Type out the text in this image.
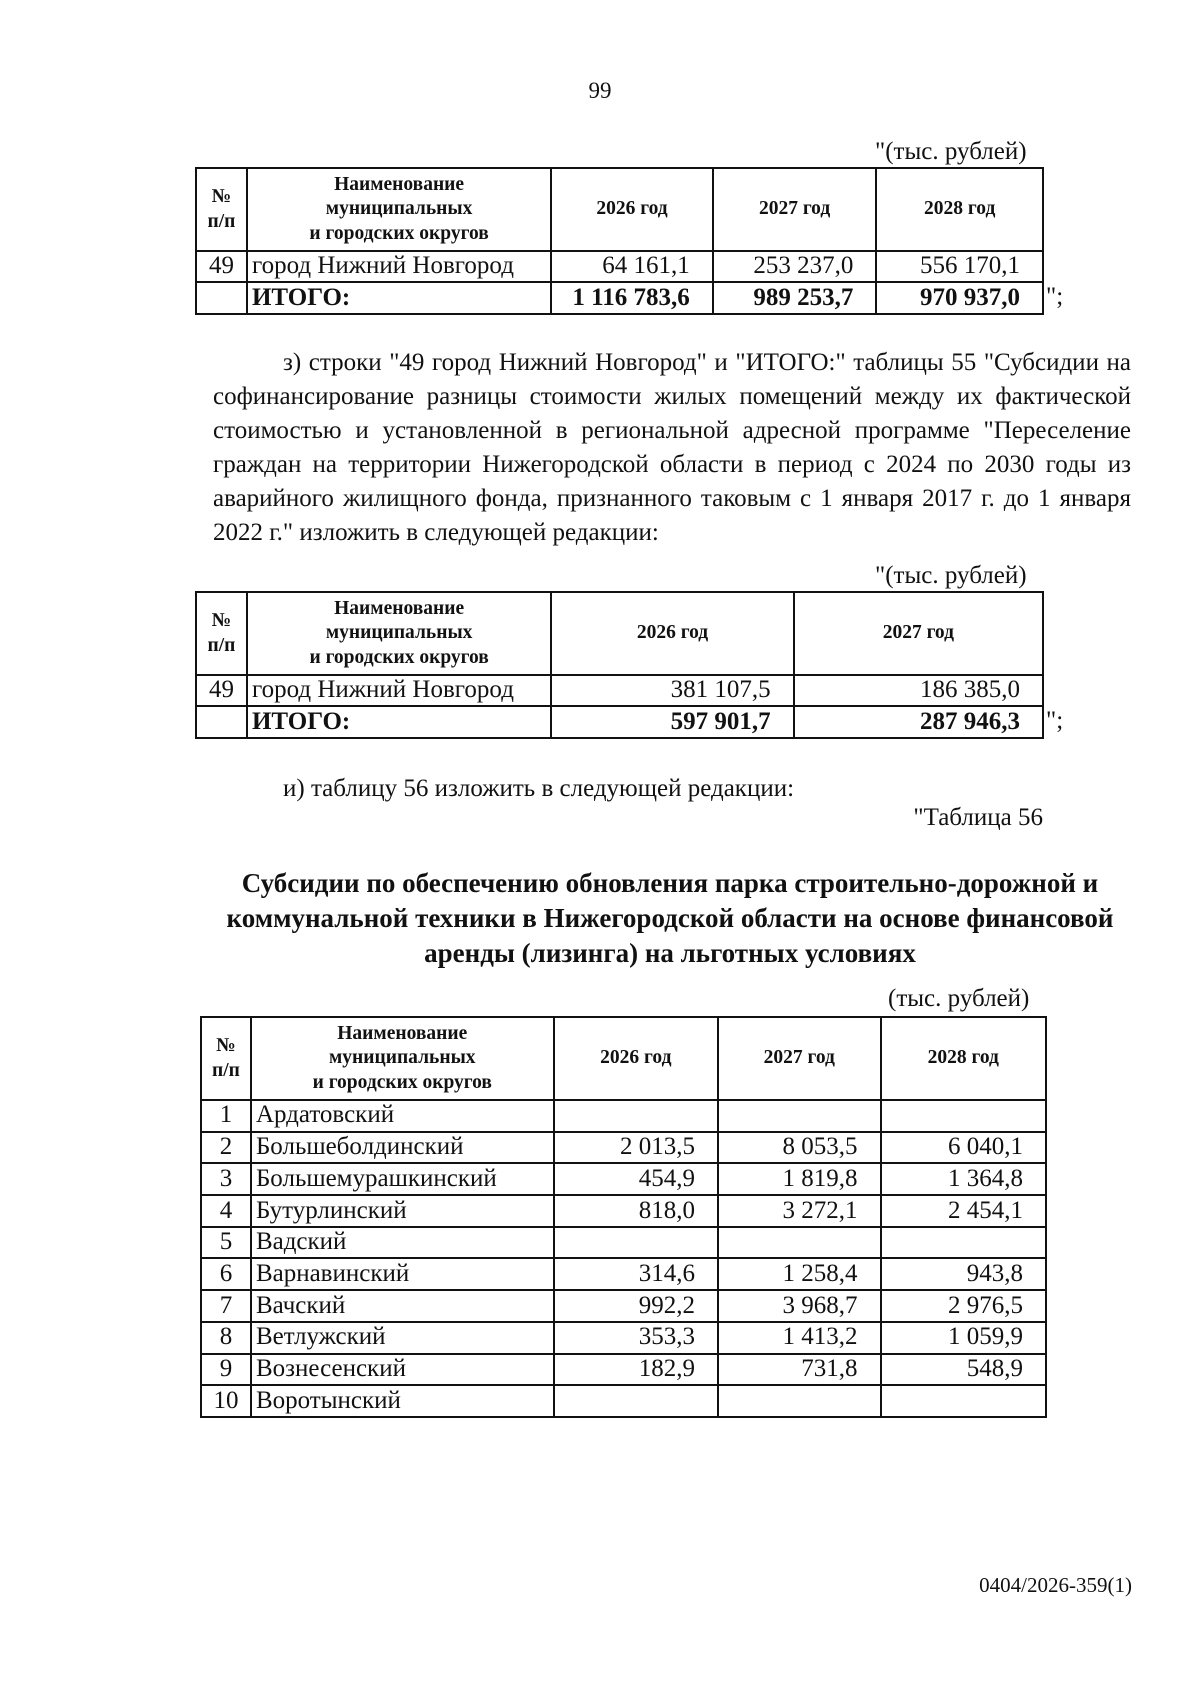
99
"(тыс. рублей)
№
п/п	Наименование
муниципальных
и городских округов	2026 год	2027 год	2028 год
49	город Нижний Новгород	64 161,1	253 237,0	556 170,1
	ИТОГО:	1 116 783,6	989 253,7	970 937,0 ";
з) строки "49 город Нижний Новгород" и "ИТОГО:" таблицы 55 "Субсидии на софинансирование разницы стоимости жилых помещений между их фактической стоимостью и установленной в региональной адресной программе "Переселение граждан на территории Нижегородской области в период с 2024 по 2030 годы из аварийного жилищного фонда, признанного таковым с 1 января 2017 г. до 1 января 2022 г." изложить в следующей редакции:
"(тыс. рублей)
№
п/п	Наименование
муниципальных
и городских округов	2026 год	2027 год
49	город Нижний Новгород	381 107,5	186 385,0
	ИТОГО:	597 901,7	287 946,3 ";
и) таблицу 56 изложить в следующей редакции:
"Таблица 56
Субсидии по обеспечению обновления парка строительно-дорожной и коммунальной техники в Нижегородской области на основе финансовой аренды (лизинга) на льготных условиях
(тыс. рублей)
№
п/п	Наименование
муниципальных
и городских округов	2026 год	2027 год	2028 год
1	Ардатовский			
2	Большеболдинский	2 013,5	8 053,5	6 040,1
3	Большемурашкинский	454,9	1 819,8	1 364,8
4	Бутурлинский	818,0	3 272,1	2 454,1
5	Вадский			
6	Варнавинский	314,6	1 258,4	943,8
7	Вачский	992,2	3 968,7	2 976,5
8	Ветлужский	353,3	1 413,2	1 059,9
9	Вознесенский	182,9	731,8	548,9
10	Воротынский			
0404/2026-359(1)
